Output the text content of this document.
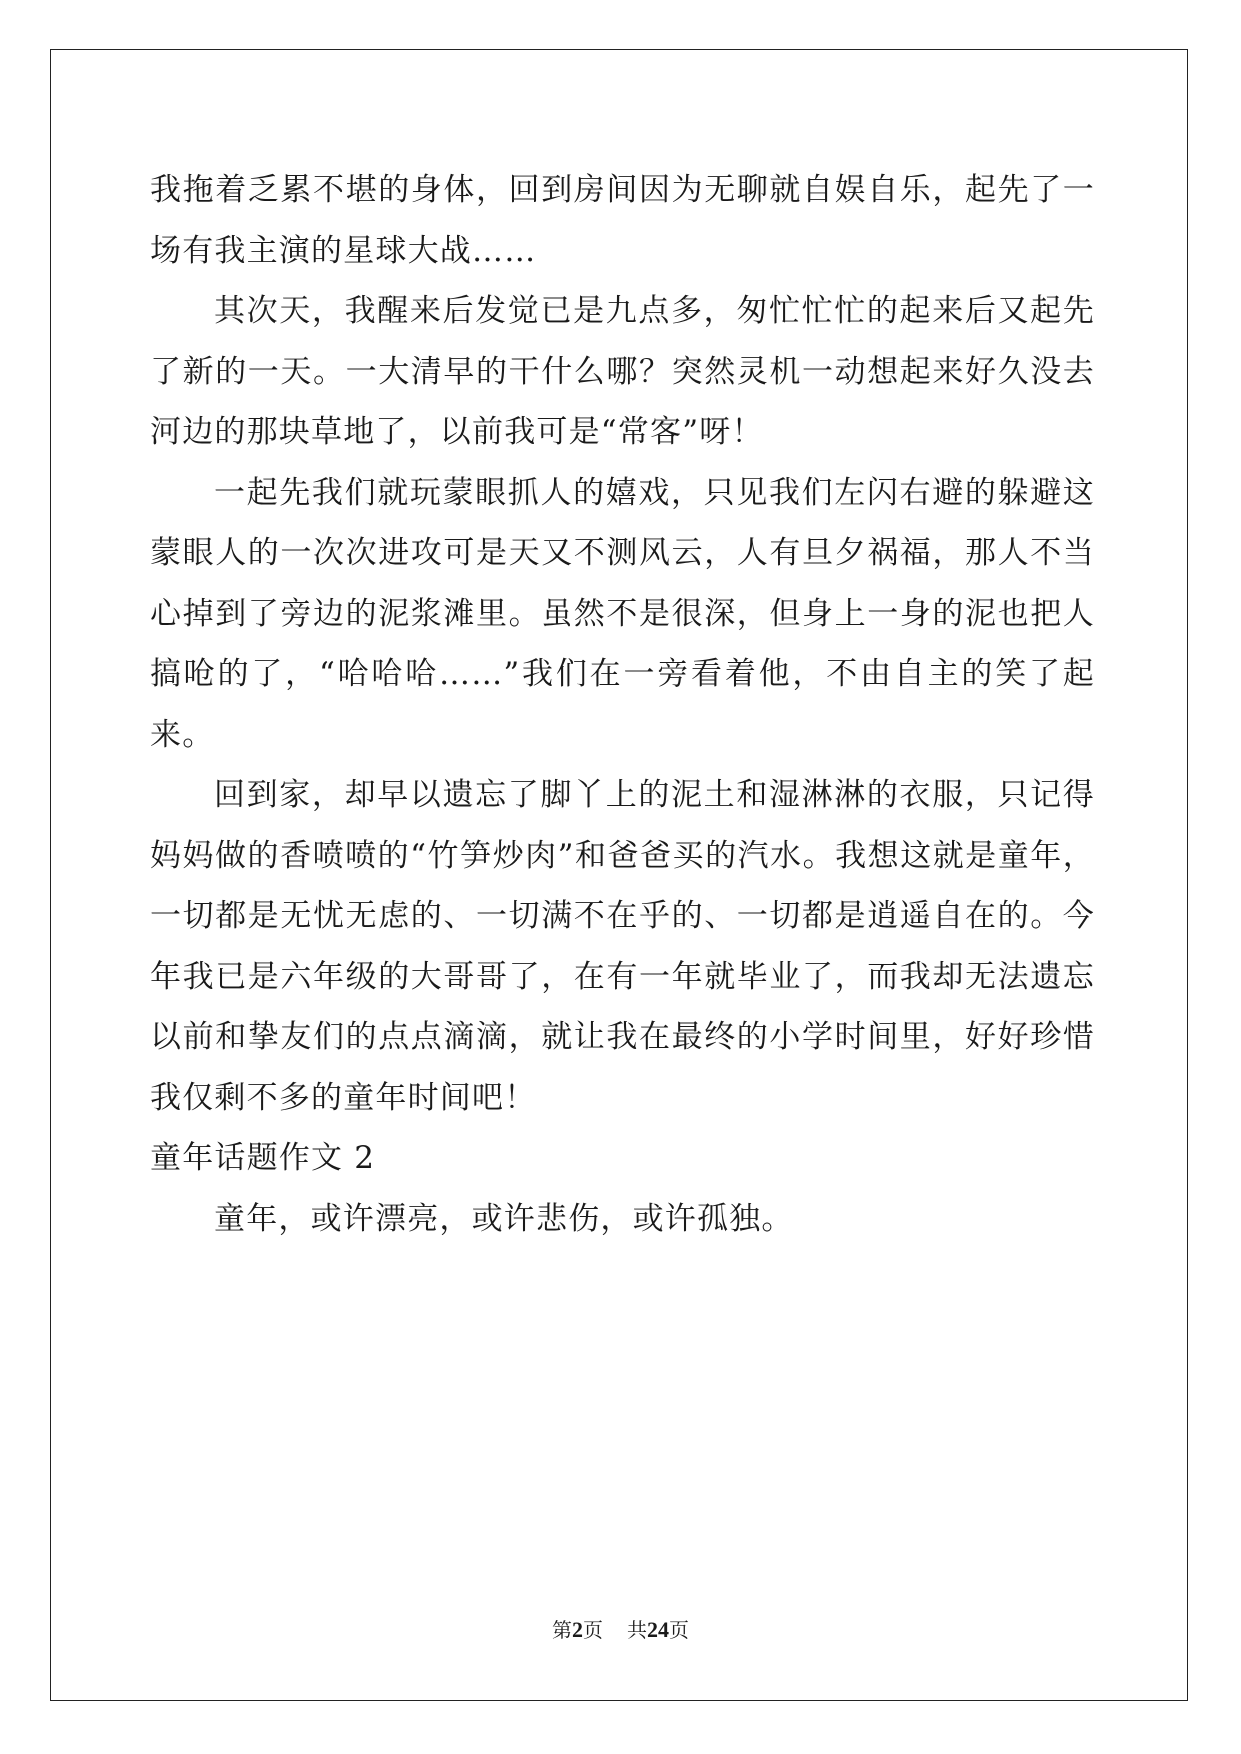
我拖着乏累不堪的身体，回到房间因为无聊就自娱自乐，起先了一场有我主演的星球大战……

其次天，我醒来后发觉已是九点多，匆忙忙忙的起来后又起先了新的一天。一大清早的干什么哪？突然灵机一动想起来好久没去河边的那块草地了，以前我可是“常客”呀！

一起先我们就玩蒙眼抓人的嬉戏，只见我们左闪右避的躲避这蒙眼人的一次次进攻可是天又不测风云，人有旦夕祸福，那人不当心掉到了旁边的泥浆滩里。虽然不是很深，但身上一身的泥也把人搞呛的了，“哈哈哈……”我们在一旁看着他，不由自主的笑了起来。

回到家，却早以遗忘了脚丫上的泥土和湿淋淋的衣服，只记得妈妈做的香喷喷的“竹笋炒肉”和爸爸买的汽水。我想这就是童年，一切都是无忧无虑的、一切满不在乎的、一切都是逍遥自在的。今年我已是六年级的大哥哥了，在有一年就毕业了，而我却无法遗忘以前和挚友们的点点滴滴，就让我在最终的小学时间里，好好珍惜我仅剩不多的童年时间吧！

童年话题作文 2

童年，或许漂亮，或许悲伤，或许孤独。

第2页 共24页
